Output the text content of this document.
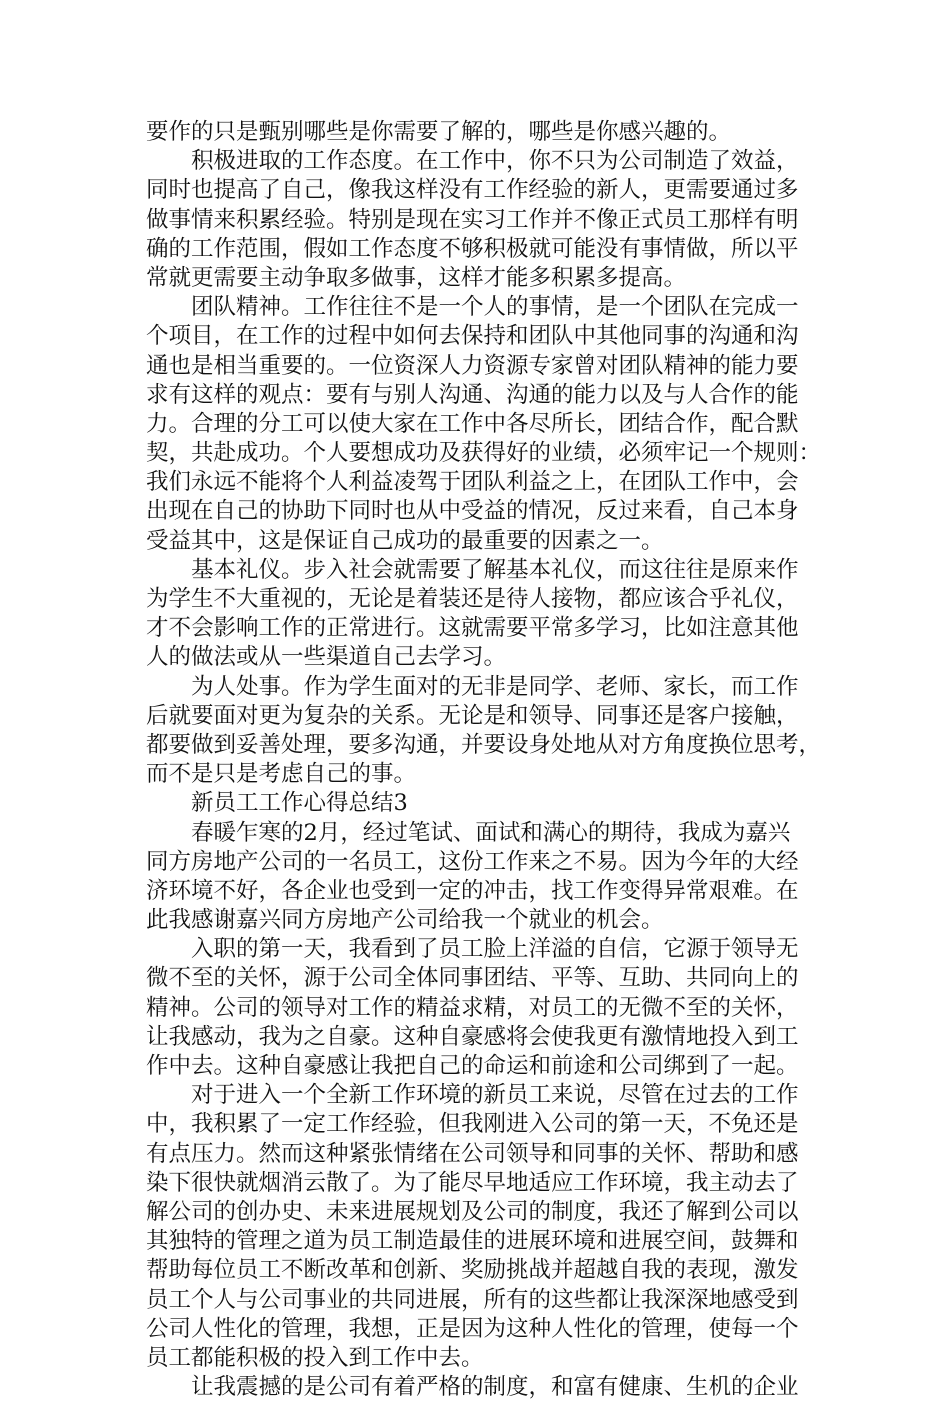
要作的只是甄别哪些是你需要了解的，哪些是你感兴趣的。
积极进取的工作态度。在工作中，你不只为公司制造了效益，
同时也提高了自己，像我这样没有工作经验的新人，更需要通过多
做事情来积累经验。特别是现在实习工作并不像正式员工那样有明
确的工作范围，假如工作态度不够积极就可能没有事情做，所以平
常就更需要主动争取多做事，这样才能多积累多提高。
团队精神。工作往往不是一个人的事情，是一个团队在完成一
个项目，在工作的过程中如何去保持和团队中其他同事的沟通和沟
通也是相当重要的。一位资深人力资源专家曾对团队精神的能力要
求有这样的观点：要有与别人沟通、沟通的能力以及与人合作的能
力。合理的分工可以使大家在工作中各尽所长，团结合作，配合默
契，共赴成功。个人要想成功及获得好的业绩，必须牢记一个规则：
我们永远不能将个人利益凌驾于团队利益之上，在团队工作中，会
出现在自己的协助下同时也从中受益的情况，反过来看，自己本身
受益其中，这是保证自己成功的最重要的因素之一。
基本礼仪。步入社会就需要了解基本礼仪，而这往往是原来作
为学生不大重视的，无论是着装还是待人接物，都应该合乎礼仪，
才不会影响工作的正常进行。这就需要平常多学习，比如注意其他
人的做法或从一些渠道自己去学习。
为人处事。作为学生面对的无非是同学、老师、家长，而工作
后就要面对更为复杂的关系。无论是和领导、同事还是客户接触，
都要做到妥善处理，要多沟通，并要设身处地从对方角度换位思考，
而不是只是考虑自己的事。
新员工工作心得总结3
春暖乍寒的2月，经过笔试、面试和满心的期待，我成为嘉兴
同方房地产公司的一名员工，这份工作来之不易。因为今年的大经
济环境不好，各企业也受到一定的冲击，找工作变得异常艰难。在
此我感谢嘉兴同方房地产公司给我一个就业的机会。
入职的第一天，我看到了员工脸上洋溢的自信，它源于领导无
微不至的关怀，源于公司全体同事团结、平等、互助、共同向上的
精神。公司的领导对工作的精益求精，对员工的无微不至的关怀，
让我感动，我为之自豪。这种自豪感将会使我更有激情地投入到工
作中去。这种自豪感让我把自己的命运和前途和公司绑到了一起。
对于进入一个全新工作环境的新员工来说，尽管在过去的工作
中，我积累了一定工作经验，但我刚进入公司的第一天，不免还是
有点压力。然而这种紧张情绪在公司领导和同事的关怀、帮助和感
染下很快就烟消云散了。为了能尽早地适应工作环境，我主动去了
解公司的创办史、未来进展规划及公司的制度，我还了解到公司以
其独特的管理之道为员工制造最佳的进展环境和进展空间，鼓舞和
帮助每位员工不断改革和创新、奖励挑战并超越自我的表现，激发
员工个人与公司事业的共同进展，所有的这些都让我深深地感受到
公司人性化的管理，我想，正是因为这种人性化的管理，使每一个
员工都能积极的投入到工作中去。
让我震撼的是公司有着严格的制度，和富有健康、生机的企业
